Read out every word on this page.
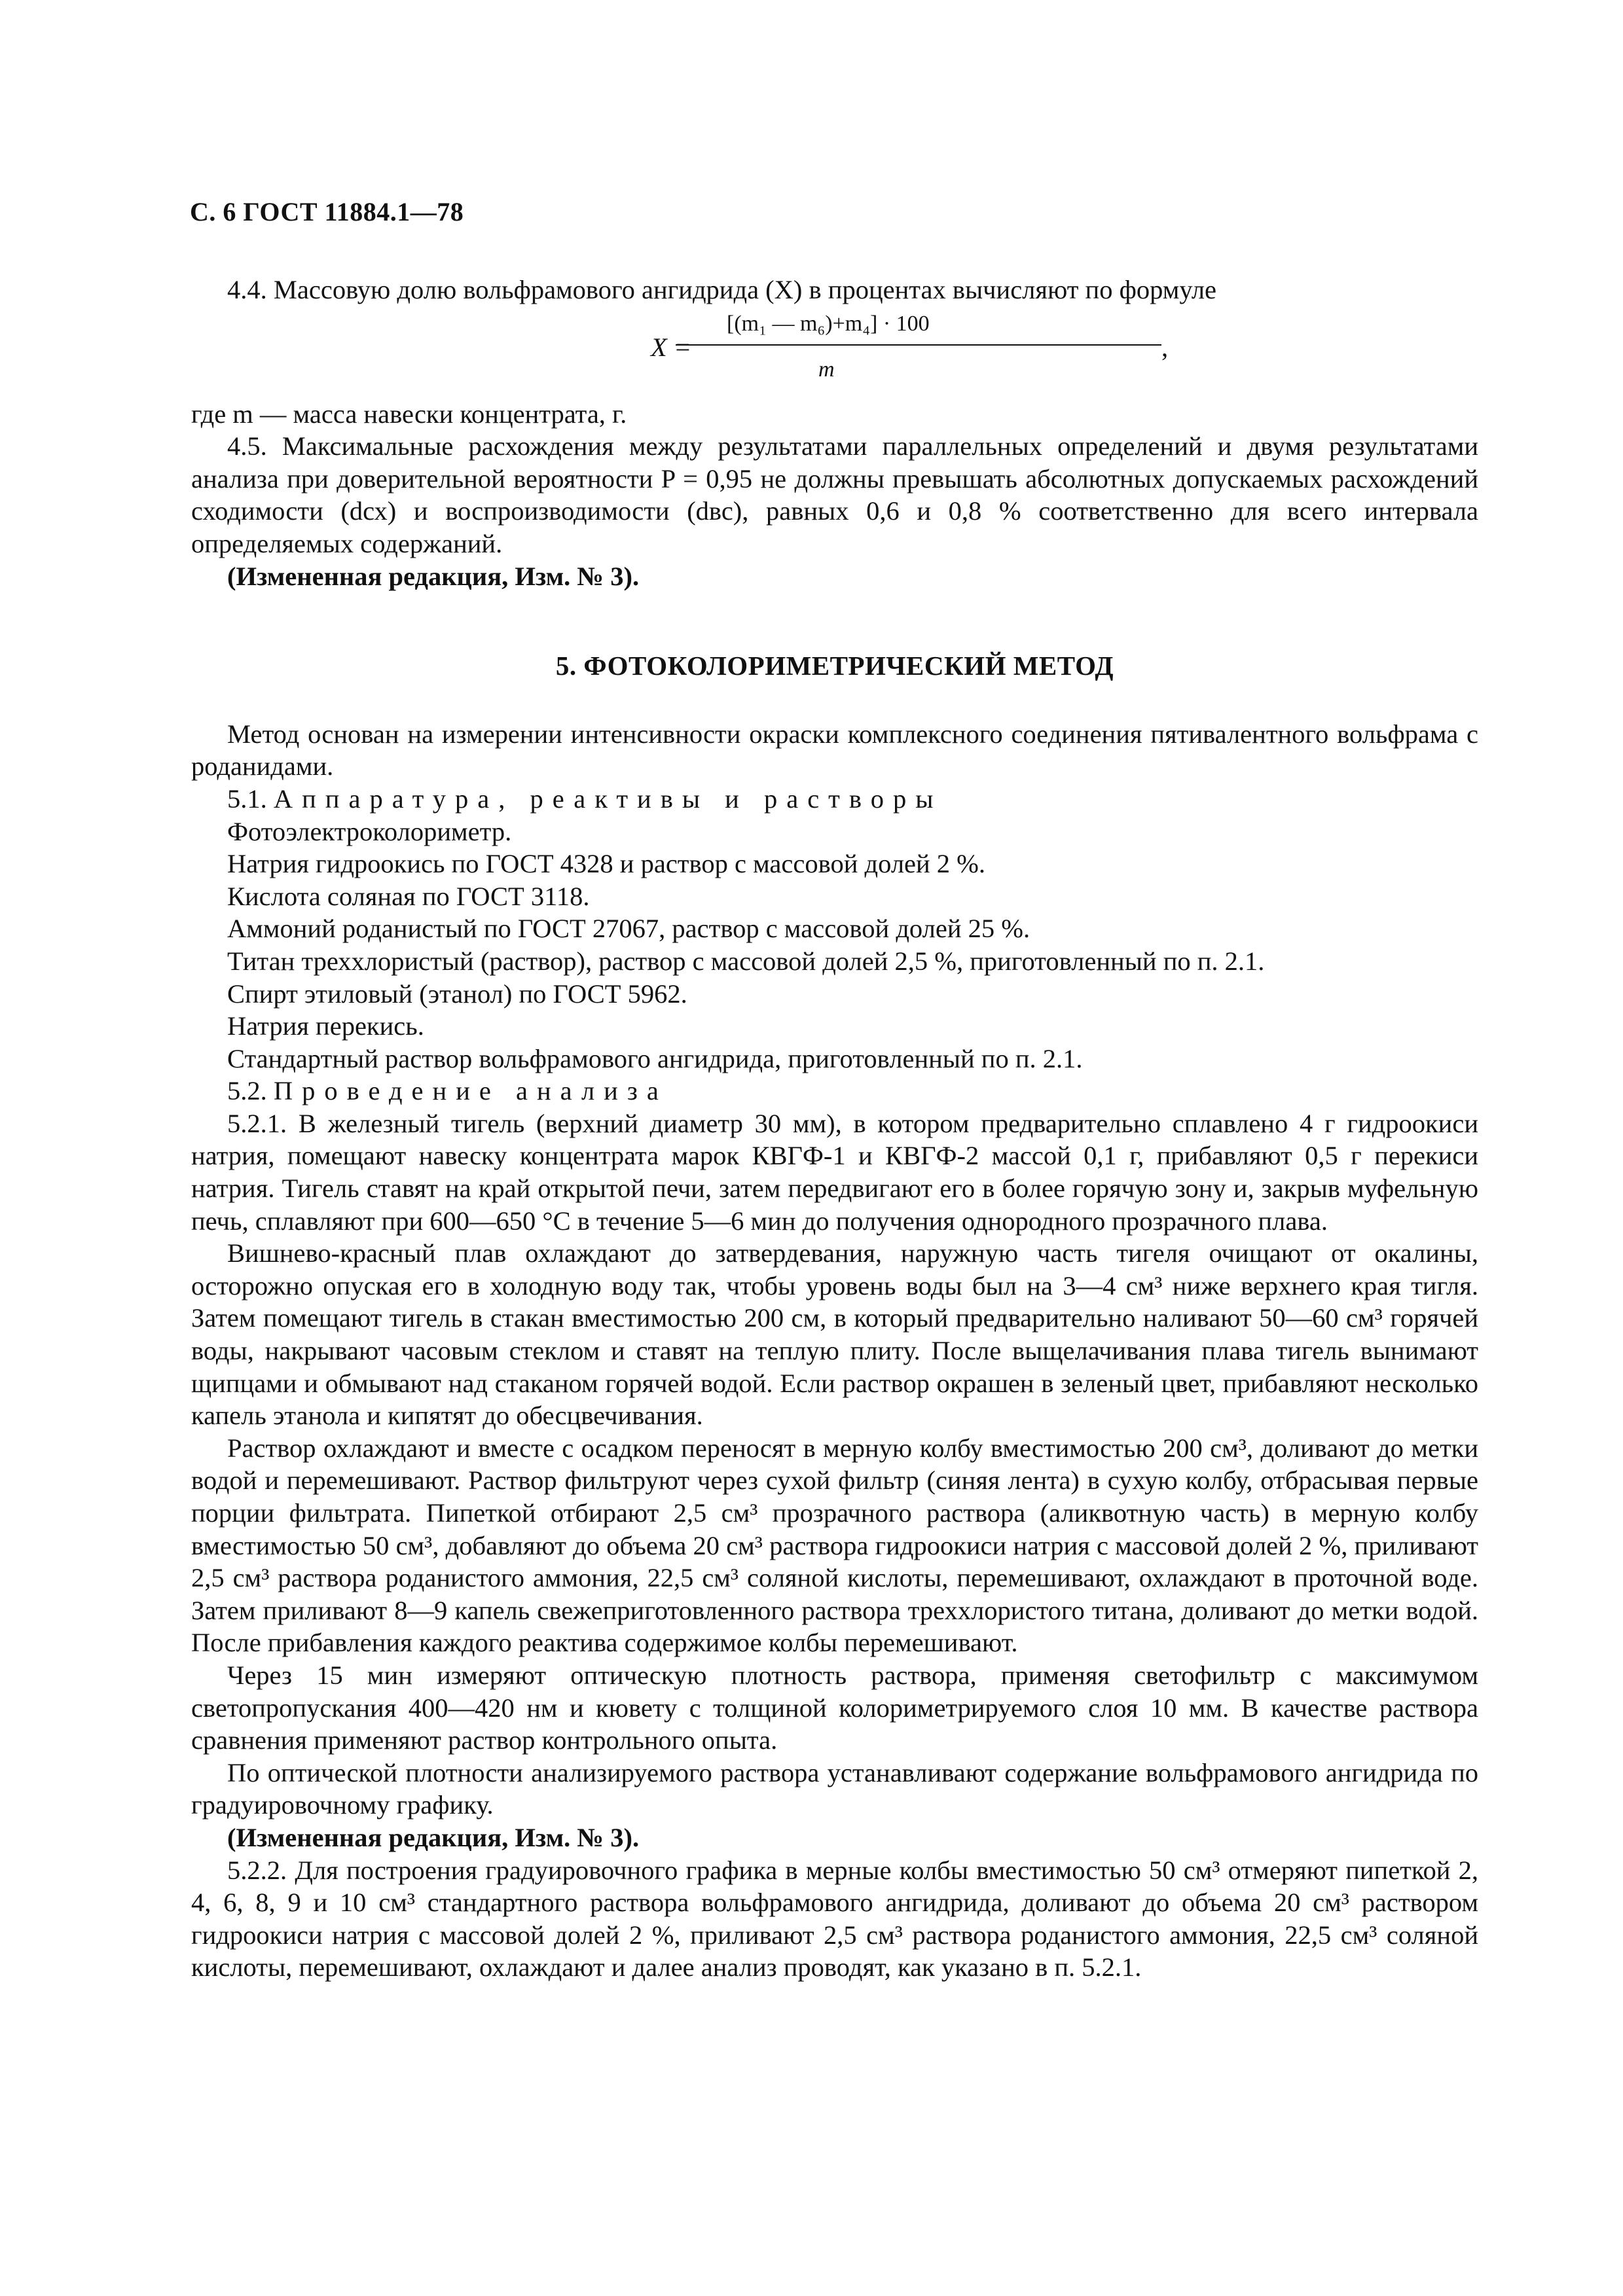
С. 6 ГОСТ 11884.1—78

4.4. Массовую долю вольфрамового ангидрида (X) в процентах вычисляют по формуле

X =
[(m₁ — m₆)+m₄] · 100
m
,

где m — масса навески концентрата, г.

4.5. Максимальные расхождения между результатами параллельных определений и двумя результатами анализа при доверительной вероятности P = 0,95 не должны превышать абсолютных допускаемых расхождений сходимости (dсх) и воспроизводимости (dвс), равных 0,6 и 0,8 % соответственно для всего интервала определяемых содержаний.

(Измененная редакция, Изм. № 3).

5. ФОТОКОЛОРИМЕТРИЧЕСКИЙ МЕТОД

Метод основан на измерении интенсивности окраски комплексного соединения пятивалентного вольфрама с роданидами.

5.1. Аппаратура, реактивы и растворы

Фотоэлектроколориметр.

Натрия гидроокись по ГОСТ 4328 и раствор с массовой долей 2 %.

Кислота соляная по ГОСТ 3118.

Аммоний роданистый по ГОСТ 27067, раствор с массовой долей 25 %.

Титан треххлористый (раствор), раствор с массовой долей 2,5 %, приготовленный по п. 2.1.

Спирт этиловый (этанол) по ГОСТ 5962.

Натрия перекись.

Стандартный раствор вольфрамового ангидрида, приготовленный по п. 2.1.

5.2. Проведение анализа

5.2.1. В железный тигель (верхний диаметр 30 мм), в котором предварительно сплавлено 4 г гидроокиси натрия, помещают навеску концентрата марок КВГФ-1 и КВГФ-2 массой 0,1 г, прибавляют 0,5 г перекиси натрия. Тигель ставят на край открытой печи, затем передвигают его в более горячую зону и, закрыв муфельную печь, сплавляют при 600—650 °С в течение 5—6 мин до получения однородного прозрачного плава.

Вишнево-красный плав охлаждают до затвердевания, наружную часть тигеля очищают от окалины, осторожно опуская его в холодную воду так, чтобы уровень воды был на 3—4 см³ ниже верхнего края тигля. Затем помещают тигель в стакан вместимостью 200 см, в который предварительно наливают 50—60 см³ горячей воды, накрывают часовым стеклом и ставят на теплую плиту. После выщелачивания плава тигель вынимают щипцами и обмывают над стаканом горячей водой. Если раствор окрашен в зеленый цвет, прибавляют несколько капель этанола и кипятят до обесцвечивания.

Раствор охлаждают и вместе с осадком переносят в мерную колбу вместимостью 200 см³, доливают до метки водой и перемешивают. Раствор фильтруют через сухой фильтр (синяя лента) в сухую колбу, отбрасывая первые порции фильтрата. Пипеткой отбирают 2,5 см³ прозрачного раствора (аликвотную часть) в мерную колбу вместимостью 50 см³, добавляют до объема 20 см³ раствора гидроокиси натрия с массовой долей 2 %, приливают 2,5 см³ раствора роданистого аммония, 22,5 см³ соляной кислоты, перемешивают, охлаждают в проточной воде. Затем приливают 8—9 капель свежеприготовленного раствора треххлористого титана, доливают до метки водой. После прибавления каждого реактива содержимое колбы перемешивают.

Через 15 мин измеряют оптическую плотность раствора, применяя светофильтр с максимумом светопропускания 400—420 нм и кювету с толщиной колориметрируемого слоя 10 мм. В качестве раствора сравнения применяют раствор контрольного опыта.

По оптической плотности анализируемого раствора устанавливают содержание вольфрамового ангидрида по градуировочному графику.

(Измененная редакция, Изм. № 3).

5.2.2. Для построения градуировочного графика в мерные колбы вместимостью 50 см³ отмеряют пипеткой 2, 4, 6, 8, 9 и 10 см³ стандартного раствора вольфрамового ангидрида, доливают до объема 20 см³ раствором гидроокиси натрия с массовой долей 2 %, приливают 2,5 см³ раствора роданистого аммония, 22,5 см³ соляной кислоты, перемешивают, охлаждают и далее анализ проводят, как указано в п. 5.2.1.
